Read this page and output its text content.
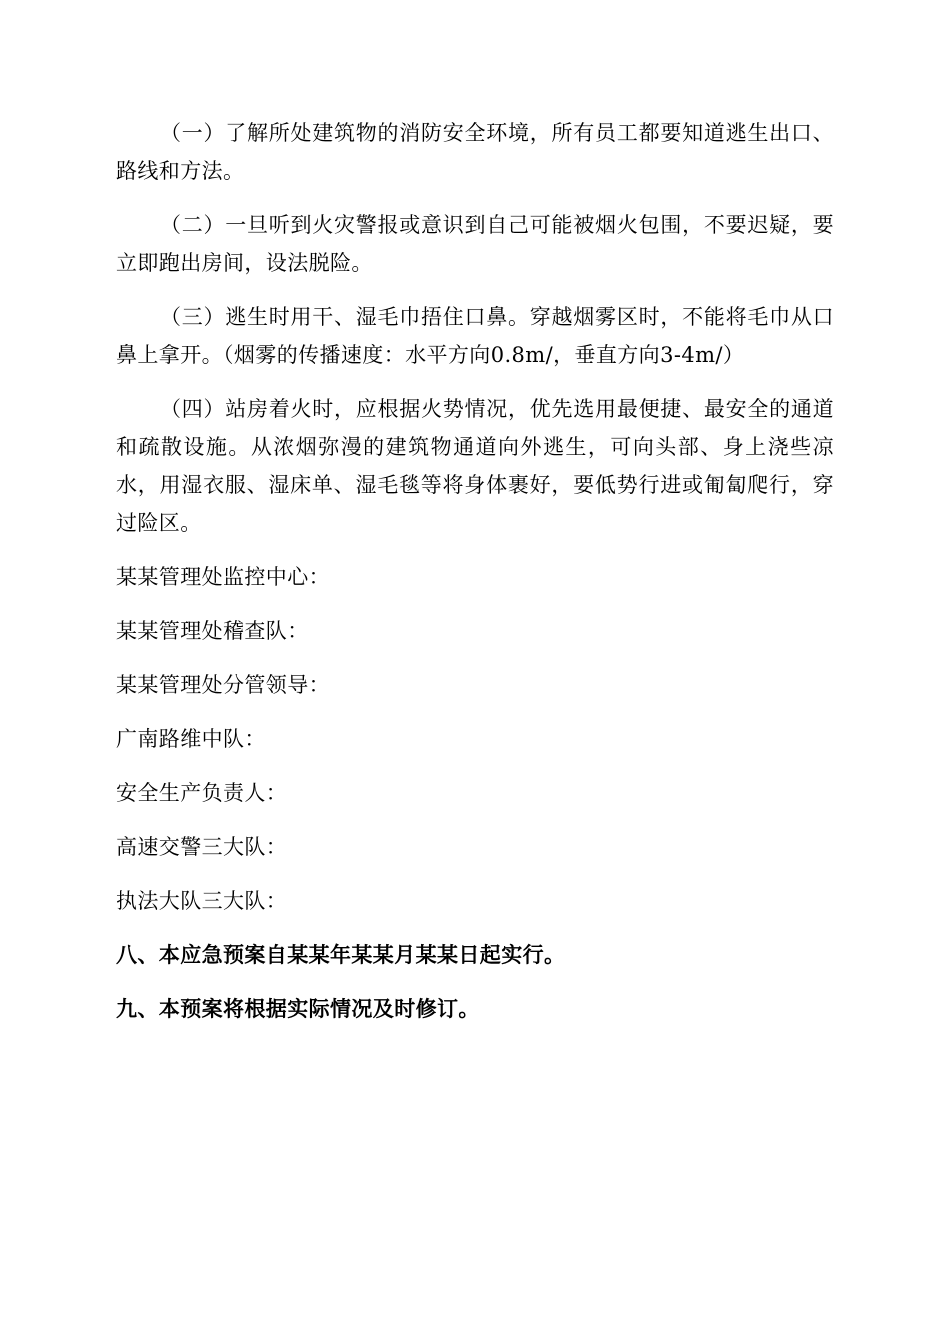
（一）了解所处建筑物的消防安全环境，所有员工都要知道逃生出口、路线和方法。

（二）一旦听到火灾警报或意识到自己可能被烟火包围，不要迟疑，要立即跑出房间，设法脱险。

（三）逃生时用干、湿毛巾捂住口鼻。穿越烟雾区时，不能将毛巾从口鼻上拿开。（烟雾的传播速度：水平方向0.8m/，垂直方向3-4m/）

（四）站房着火时，应根据火势情况，优先选用最便捷、最安全的通道和疏散设施。从浓烟弥漫的建筑物通道向外逃生，可向头部、身上浇些凉水，用湿衣服、湿床单、湿毛毯等将身体裹好，要低势行进或匍匐爬行，穿过险区。

某某管理处监控中心：
某某管理处稽查队：
某某管理处分管领导：
广南路维中队：
安全生产负责人：
高速交警三大队：
执法大队三大队：
八、本应急预案自某某年某某月某某日起实行。
九、本预案将根据实际情况及时修订。
